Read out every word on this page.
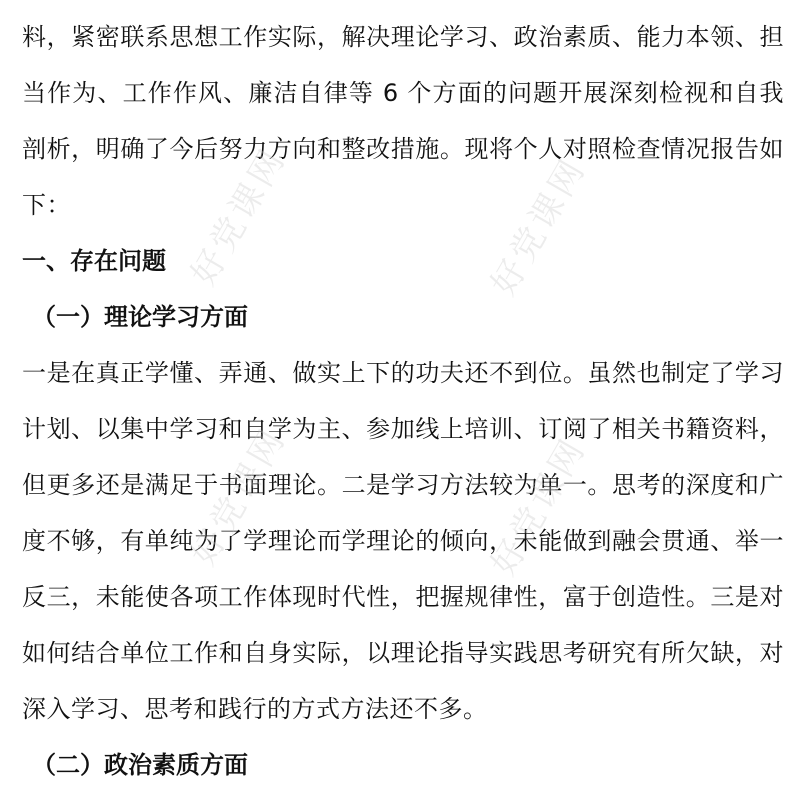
料，紧密联系思想工作实际，解决理论学习、政治素质、能力本领、担当作为、工作作风、廉洁自律等 6 个方面的问题开展深刻检视和自我剖析，明确了今后努力方向和整改措施。现将个人对照检查情况报告如下：

一、存在问题

（一）理论学习方面

一是在真正学懂、弄通、做实上下的功夫还不到位。虽然也制定了学习计划、以集中学习和自学为主、参加线上培训、订阅了相关书籍资料，但更多还是满足于书面理论。二是学习方法较为单一。思考的深度和广度不够，有单纯为了学理论而学理论的倾向，未能做到融会贯通、举一反三，未能使各项工作体现时代性，把握规律性，富于创造性。三是对如何结合单位工作和自身实际，以理论指导实践思考研究有所欠缺，对深入学习、思考和践行的方式方法还不多。

（二）政治素质方面

好党课网	好党课网
好党课网	好党课网
